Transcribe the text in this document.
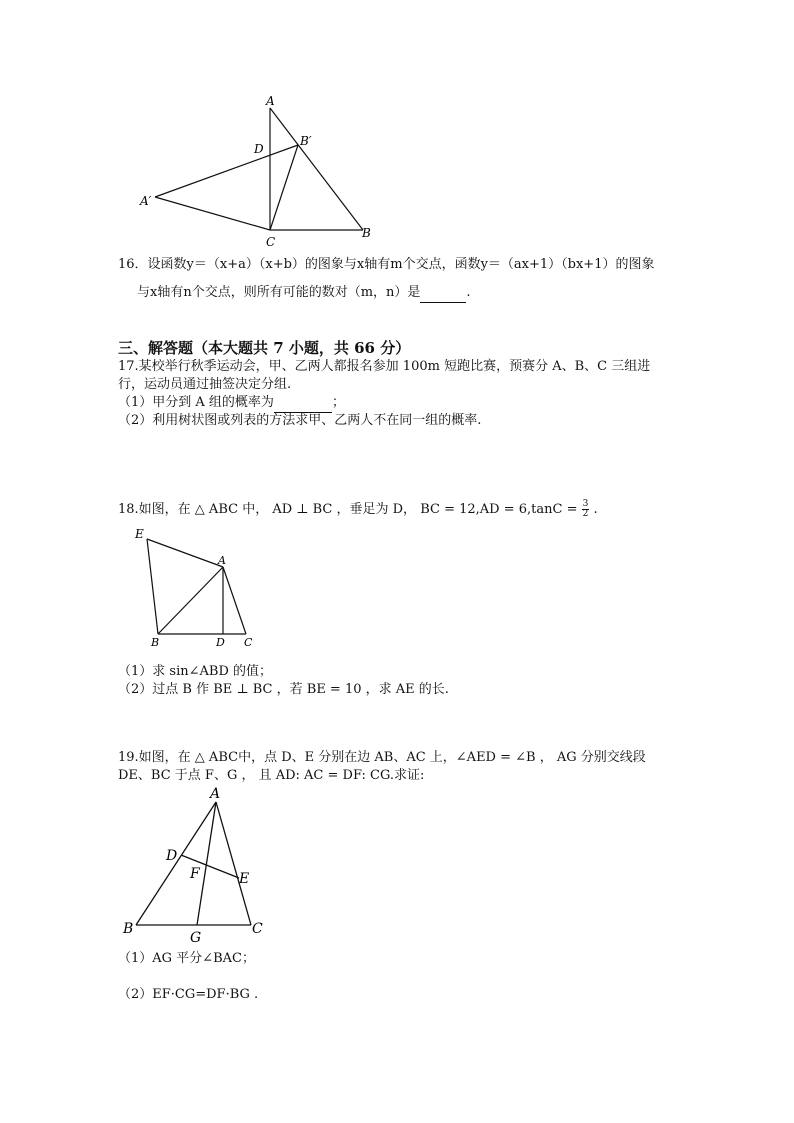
A
D
B′
A′
C
B
16．设函数y＝（x+a）（x+b）的图象与x轴有m个交点，函数y＝（ax+1）（bx+1）的图象
与x轴有n个交点，则所有可能的数对（m，n）是	.
三、解答题（本大题共 7 小题，共 66 分）
17.某校举行秋季运动会，甲、乙两人都报名参加 100m 短跑比赛，预赛分 A、B、C 三组进
行，运动员通过抽签决定分组.
（1）甲分到 A 组的概率为	；
（2）利用树状图或列表的方法求甲、乙两人不在同一组的概率.
18.如图，在 △ ABC 中， AD ⊥ BC ，垂足为 D， BC = $12,AD = 6,\tan C = \frac{3}{2}$ .
E
A
B	D C
（1）求 sin∠ABD 的值；
（2）过点 B 作 BE ⊥ BC ，若 BE = 10 ，求 AE 的长.
19.如图，在 △ ABC中，点 D、E 分别在边 AB、AC 上，∠AED = ∠B ， AG 分别交线段
DE、BC 于点 F、G ， 且 AD: AC = DF: CG.求证:
A
D
F	E
B
G
C
（1）AG 平分∠BAC；
（2）EF·CG=DF·BG .
